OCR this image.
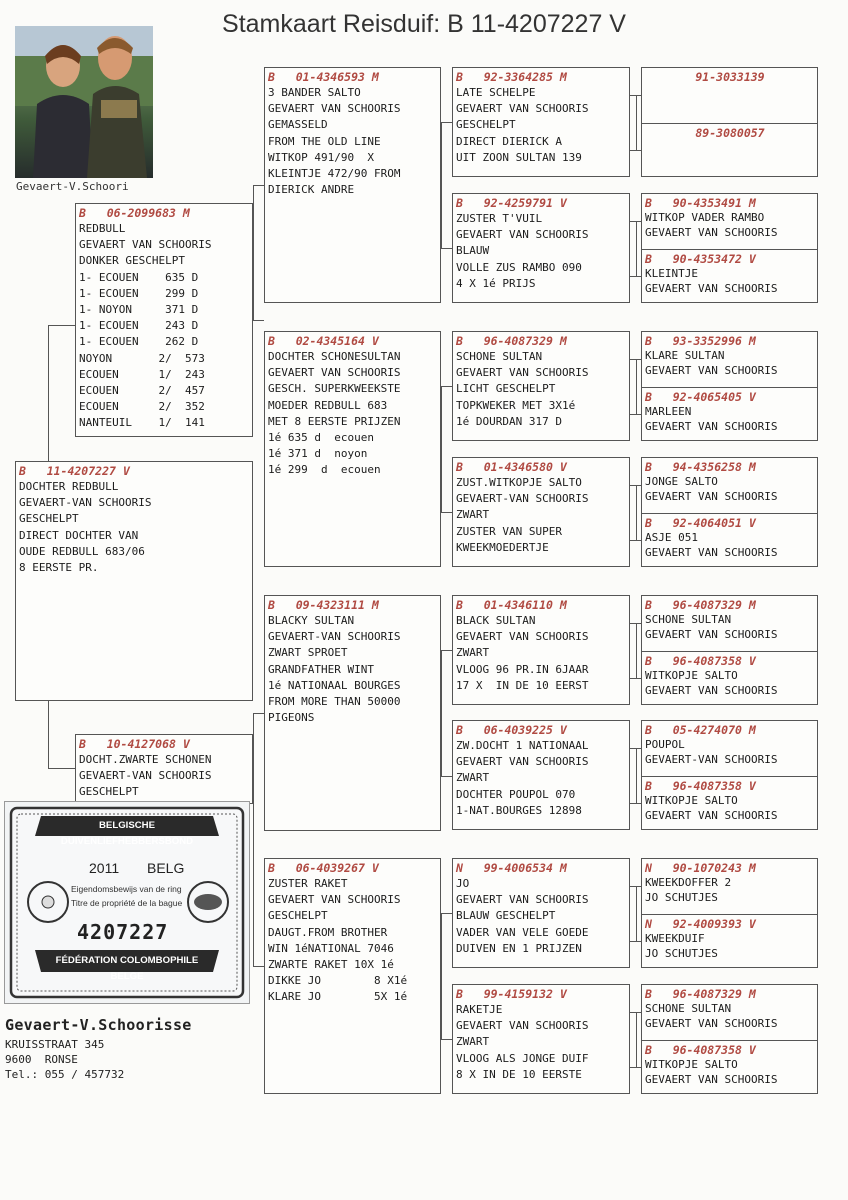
Stamkaart Reisduif: B 11-4207227 V
Gevaert-V.Schoori
B   11-4207227 V
DOCHTER REDBULL
GEVAERT-VAN SCHOORIS
GESCHELPT
DIRECT DOCHTER VAN
OUDE REDBULL 683/06
8 EERSTE PR.
B   06-2099683 M
REDBULL
GEVAERT VAN SCHOORIS
DONKER GESCHELPT
1- ECOUEN    635 D
1- ECOUEN    299 D
1- NOYON     371 D
1- ECOUEN    243 D
1- ECOUEN    262 D
NOYON       2/  573
ECOUEN      1/  243
ECOUEN      2/  457
ECOUEN      2/  352
NANTEUIL    1/  141
B   10-4127068 V
DOCHT.ZWARTE SCHONEN
GEVAERT-VAN SCHOORIS
GESCHELPT
B   01-4346593 M
3 BANDER SALTO
GEVAERT VAN SCHOORIS
GEMASSELD
FROM THE OLD LINE
WITKOP 491/90  X
KLEINTJE 472/90 FROM
DIERICK ANDRE
B   02-4345164 V
DOCHTER SCHONESULTAN
GEVAERT VAN SCHOORIS
GESCH. SUPERKWEEKSTE
MOEDER REDBULL 683
MET 8 EERSTE PRIJZEN
1é 635 d  ecouen
1é 371 d  noyon
1é 299  d  ecouen
B   09-4323111 M
BLACKY SULTAN
GEVAERT-VAN SCHOORIS
ZWART SPROET
GRANDFATHER WINT
1é NATIONAAL BOURGES
FROM MORE THAN 50000
PIGEONS
B   06-4039267 V
ZUSTER RAKET
GEVAERT VAN SCHOORIS
GESCHELPT
DAUGT.FROM BROTHER
WIN 1éNATIONAL 7046
ZWARTE RAKET 10X 1é
DIKKE JO        8 X1é
KLARE JO        5X 1é
B   92-3364285 M
LATE SCHELPE
GEVAERT VAN SCHOORIS
GESCHELPT
DIRECT DIERICK A
UIT ZOON SULTAN 139
B   92-4259791 V
ZUSTER T'VUIL
GEVAERT VAN SCHOORIS
BLAUW
VOLLE ZUS RAMBO 090
4 X 1é PRIJS
B   96-4087329 M
SCHONE SULTAN
GEVAERT VAN SCHOORIS
LICHT GESCHELPT
TOPKWEKER MET 3X1é
1é DOURDAN 317 D
B   01-4346580 V
ZUST.WITKOPJE SALTO
GEVAERT-VAN SCHOORIS
ZWART
ZUSTER VAN SUPER
KWEEKMOEDERTJE
B   01-4346110 M
BLACK SULTAN
GEVAERT VAN SCHOORIS
ZWART
VLOOG 96 PR.IN 6JAAR
17 X  IN DE 10 EERST
B   06-4039225 V
ZW.DOCHT 1 NATIONAAL
GEVAERT VAN SCHOORIS
ZWART
DOCHTER POUPOL 070
1-NAT.BOURGES 12898
N   99-4006534 M
JO
GEVAERT VAN SCHOORIS
BLAUW GESCHELPT
VADER VAN VELE GOEDE
DUIVEN EN 1 PRIJZEN
B   99-4159132 V
RAKETJE
GEVAERT VAN SCHOORIS
ZWART
VLOOG ALS JONGE DUIF
8 X IN DE 10 EERSTE
91-3033139
89-3080057
B   90-4353491 M
WITKOP VADER RAMBO
GEVAERT VAN SCHOORIS
B   90-4353472 V
KLEINTJE
GEVAERT VAN SCHOORIS
B   93-3352996 M
KLARE SULTAN
GEVAERT VAN SCHOORIS
B   92-4065405 V
MARLEEN
GEVAERT VAN SCHOORIS
B   94-4356258 M
JONGE SALTO
GEVAERT VAN SCHOORIS
B   92-4064051 V
ASJE 051
GEVAERT VAN SCHOORIS
B   96-4087329 M
SCHONE SULTAN
GEVAERT VAN SCHOORIS
B   96-4087358 V
WITKOPJE SALTO
GEVAERT VAN SCHOORIS
B   05-4274070 M
POUPOL
GEVAERT-VAN SCHOORIS
B   96-4087358 V
WITKOPJE SALTO
GEVAERT VAN SCHOORIS
N   90-1070243 M
KWEEKDOFFER 2
JO SCHUTJES
N   92-4009393 V
KWEEKDUIF
JO SCHUTJES
B   96-4087329 M
SCHONE SULTAN
GEVAERT VAN SCHOORIS
B   96-4087358 V
WITKOPJE SALTO
GEVAERT VAN SCHOORIS
BELGISCHE DUIVENLIEFHEBBERSBOND
2011 BELG
Eigendomsbewijs van de ring
Titre de propriété de la bague
4207227
FÉDÉRATION COLOMBOPHILE BELGE
Gevaert-V.Schoorisse
KRUISSTRAAT 345
9600  RONSE
Tel.: 055 / 457732
